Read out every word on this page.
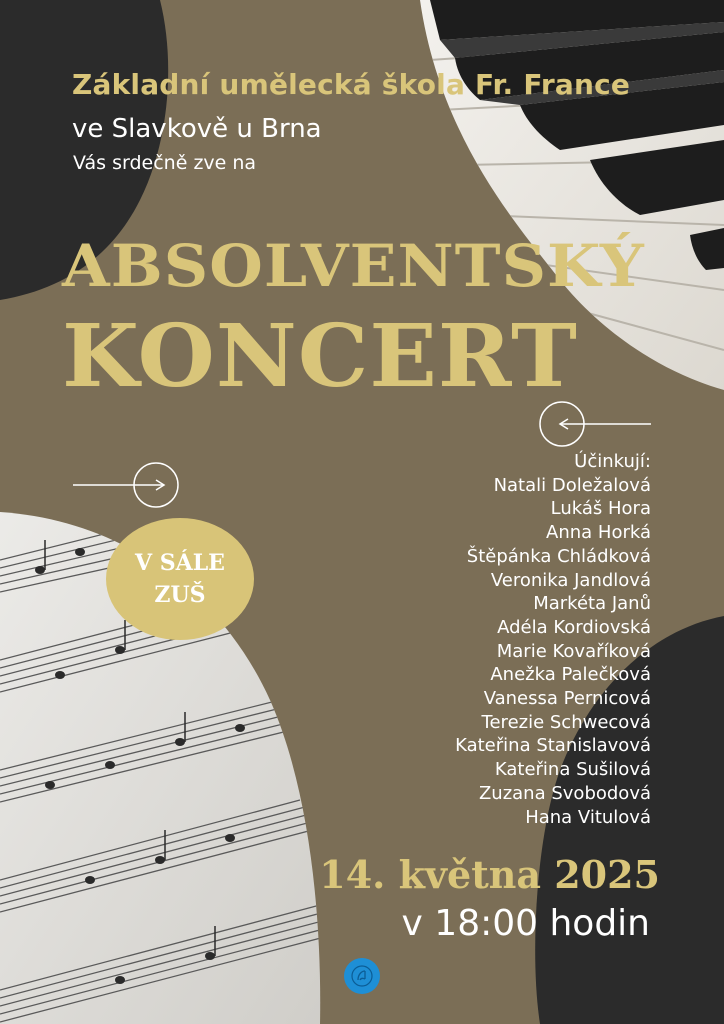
Základní umělecká škola Fr. France
ve Slavkově u Brna
Vás srdečně zve na
ABSOLVENTSKÝ
KONCERT
Účinkují:
Natali Doležalová
Lukáš Hora
Anna Horká
Štěpánka Chládková
Veronika Jandlová
Markéta Janů
Adéla Kordiovská
Marie Kovaříková
Anežka Palečková
Vanessa Pernicová
Terezie Schwecová
Kateřina Stanislavová
Kateřina Sušilová
Zuzana Svobodová
Hana Vitulová
V SÁLE
ZUŠ
14. května 2025
v 18:00 hodin
